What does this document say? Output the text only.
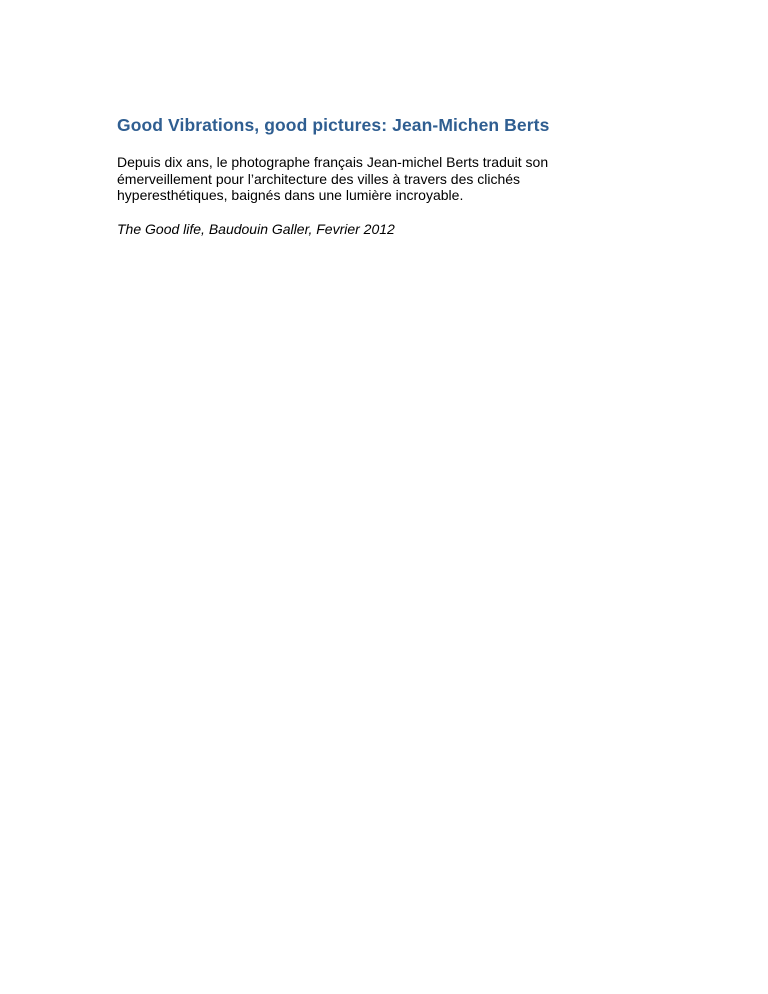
Good Vibrations, good pictures: Jean-Michen Berts

Depuis dix ans, le photographe français Jean-michel Berts traduit son émerveillement pour l’architecture des villes à travers des clichés hyperesthétiques, baignés dans une lumière incroyable.

The Good life, Baudouin Galler, Fevrier 2012
